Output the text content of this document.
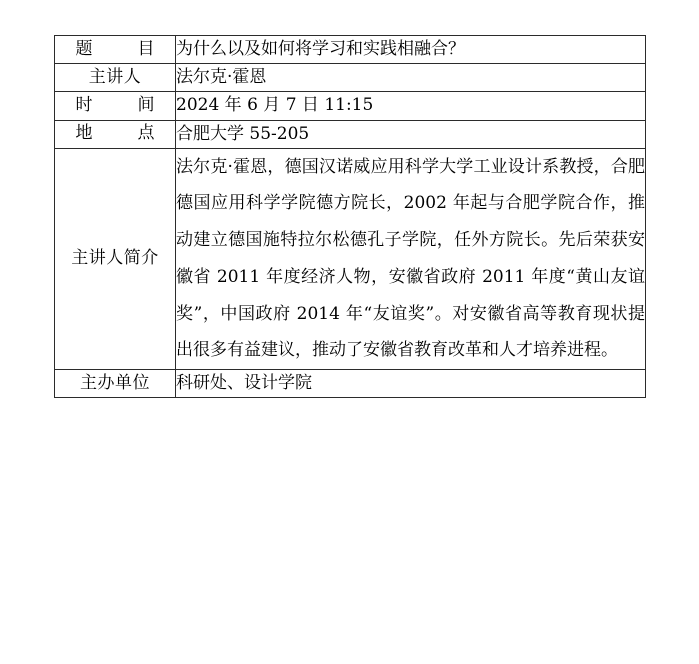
题　目	为什么以及如何将学习和实践相融合？
主讲人	法尔克·霍恩
时　间	2024 年 6 月 7 日 11:15
地　点	合肥大学 55-205
主讲人简介	法尔克·霍恩，德国汉诺威应用科学大学工业设计系教授，合肥德国应用科学学院德方院长，2002 年起与合肥学院合作，推动建立德国施特拉尔松德孔子学院，任外方院长。先后荣获安徽省 2011 年度经济人物，安徽省政府 2011 年度“黄山友谊奖”，中国政府 2014 年“友谊奖”。对安徽省高等教育现状提出很多有益建议，推动了安徽省教育改革和人才培养进程。

主办单位	科研处、设计学院
